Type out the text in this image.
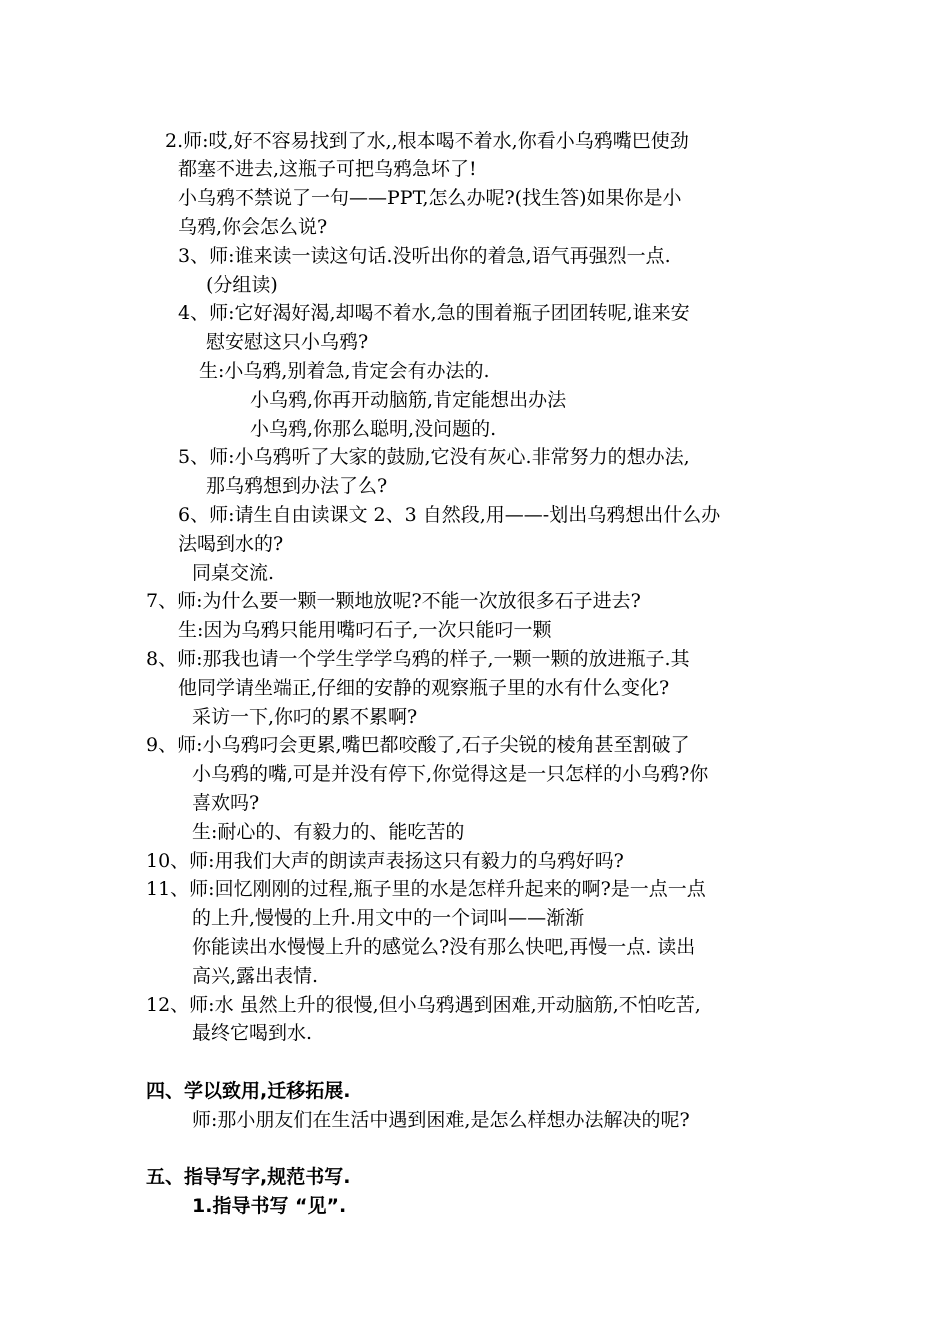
2.师:哎,好不容易找到了水,,根本喝不着水,你看小乌鸦嘴巴使劲
都塞不进去,这瓶子可把乌鸦急坏了!
小乌鸦不禁说了一句——PPT,怎么办呢?(找生答)如果你是小
乌鸦,你会怎么说?
3、师:谁来读一读这句话.没听出你的着急,语气再强烈一点.
(分组读)
4、师:它好渴好渴,却喝不着水,急的围着瓶子团团转呢,谁来安
慰安慰这只小乌鸦?
生:小乌鸦,别着急,肯定会有办法的.
小乌鸦,你再开动脑筋,肯定能想出办法
小乌鸦,你那么聪明,没问题的.
5、师:小乌鸦听了大家的鼓励,它没有灰心.非常努力的想办法,
那乌鸦想到办法了么?
6、师:请生自由读课文 2、3 自然段,用——-划出乌鸦想出什么办
法喝到水的?
同桌交流.
7、师:为什么要一颗一颗地放呢?不能一次放很多石子进去?
生:因为乌鸦只能用嘴叼石子,一次只能叼一颗
8、师:那我也请一个学生学学乌鸦的样子,一颗一颗的放进瓶子.其
他同学请坐端正,仔细的安静的观察瓶子里的水有什么变化?
采访一下,你叼的累不累啊?
9、师:小乌鸦叼会更累,嘴巴都咬酸了,石子尖锐的棱角甚至割破了
小乌鸦的嘴,可是并没有停下,你觉得这是一只怎样的小乌鸦?你
喜欢吗?
生:耐心的、有毅力的、能吃苦的
10、师:用我们大声的朗读声表扬这只有毅力的乌鸦好吗?
11、师:回忆刚刚的过程,瓶子里的水是怎样升起来的啊?是一点一点
的上升,慢慢的上升.用文中的一个词叫——渐渐
你能读出水慢慢上升的感觉么?没有那么快吧,再慢一点. 读出
高兴,露出表情.
12、师:水 虽然上升的很慢,但小乌鸦遇到困难,开动脑筋,不怕吃苦,
最终它喝到水.
四、学以致用,迁移拓展.
师:那小朋友们在生活中遇到困难,是怎么样想办法解决的呢?
五、指导写字,规范书写.
1.指导书写 “见”.
